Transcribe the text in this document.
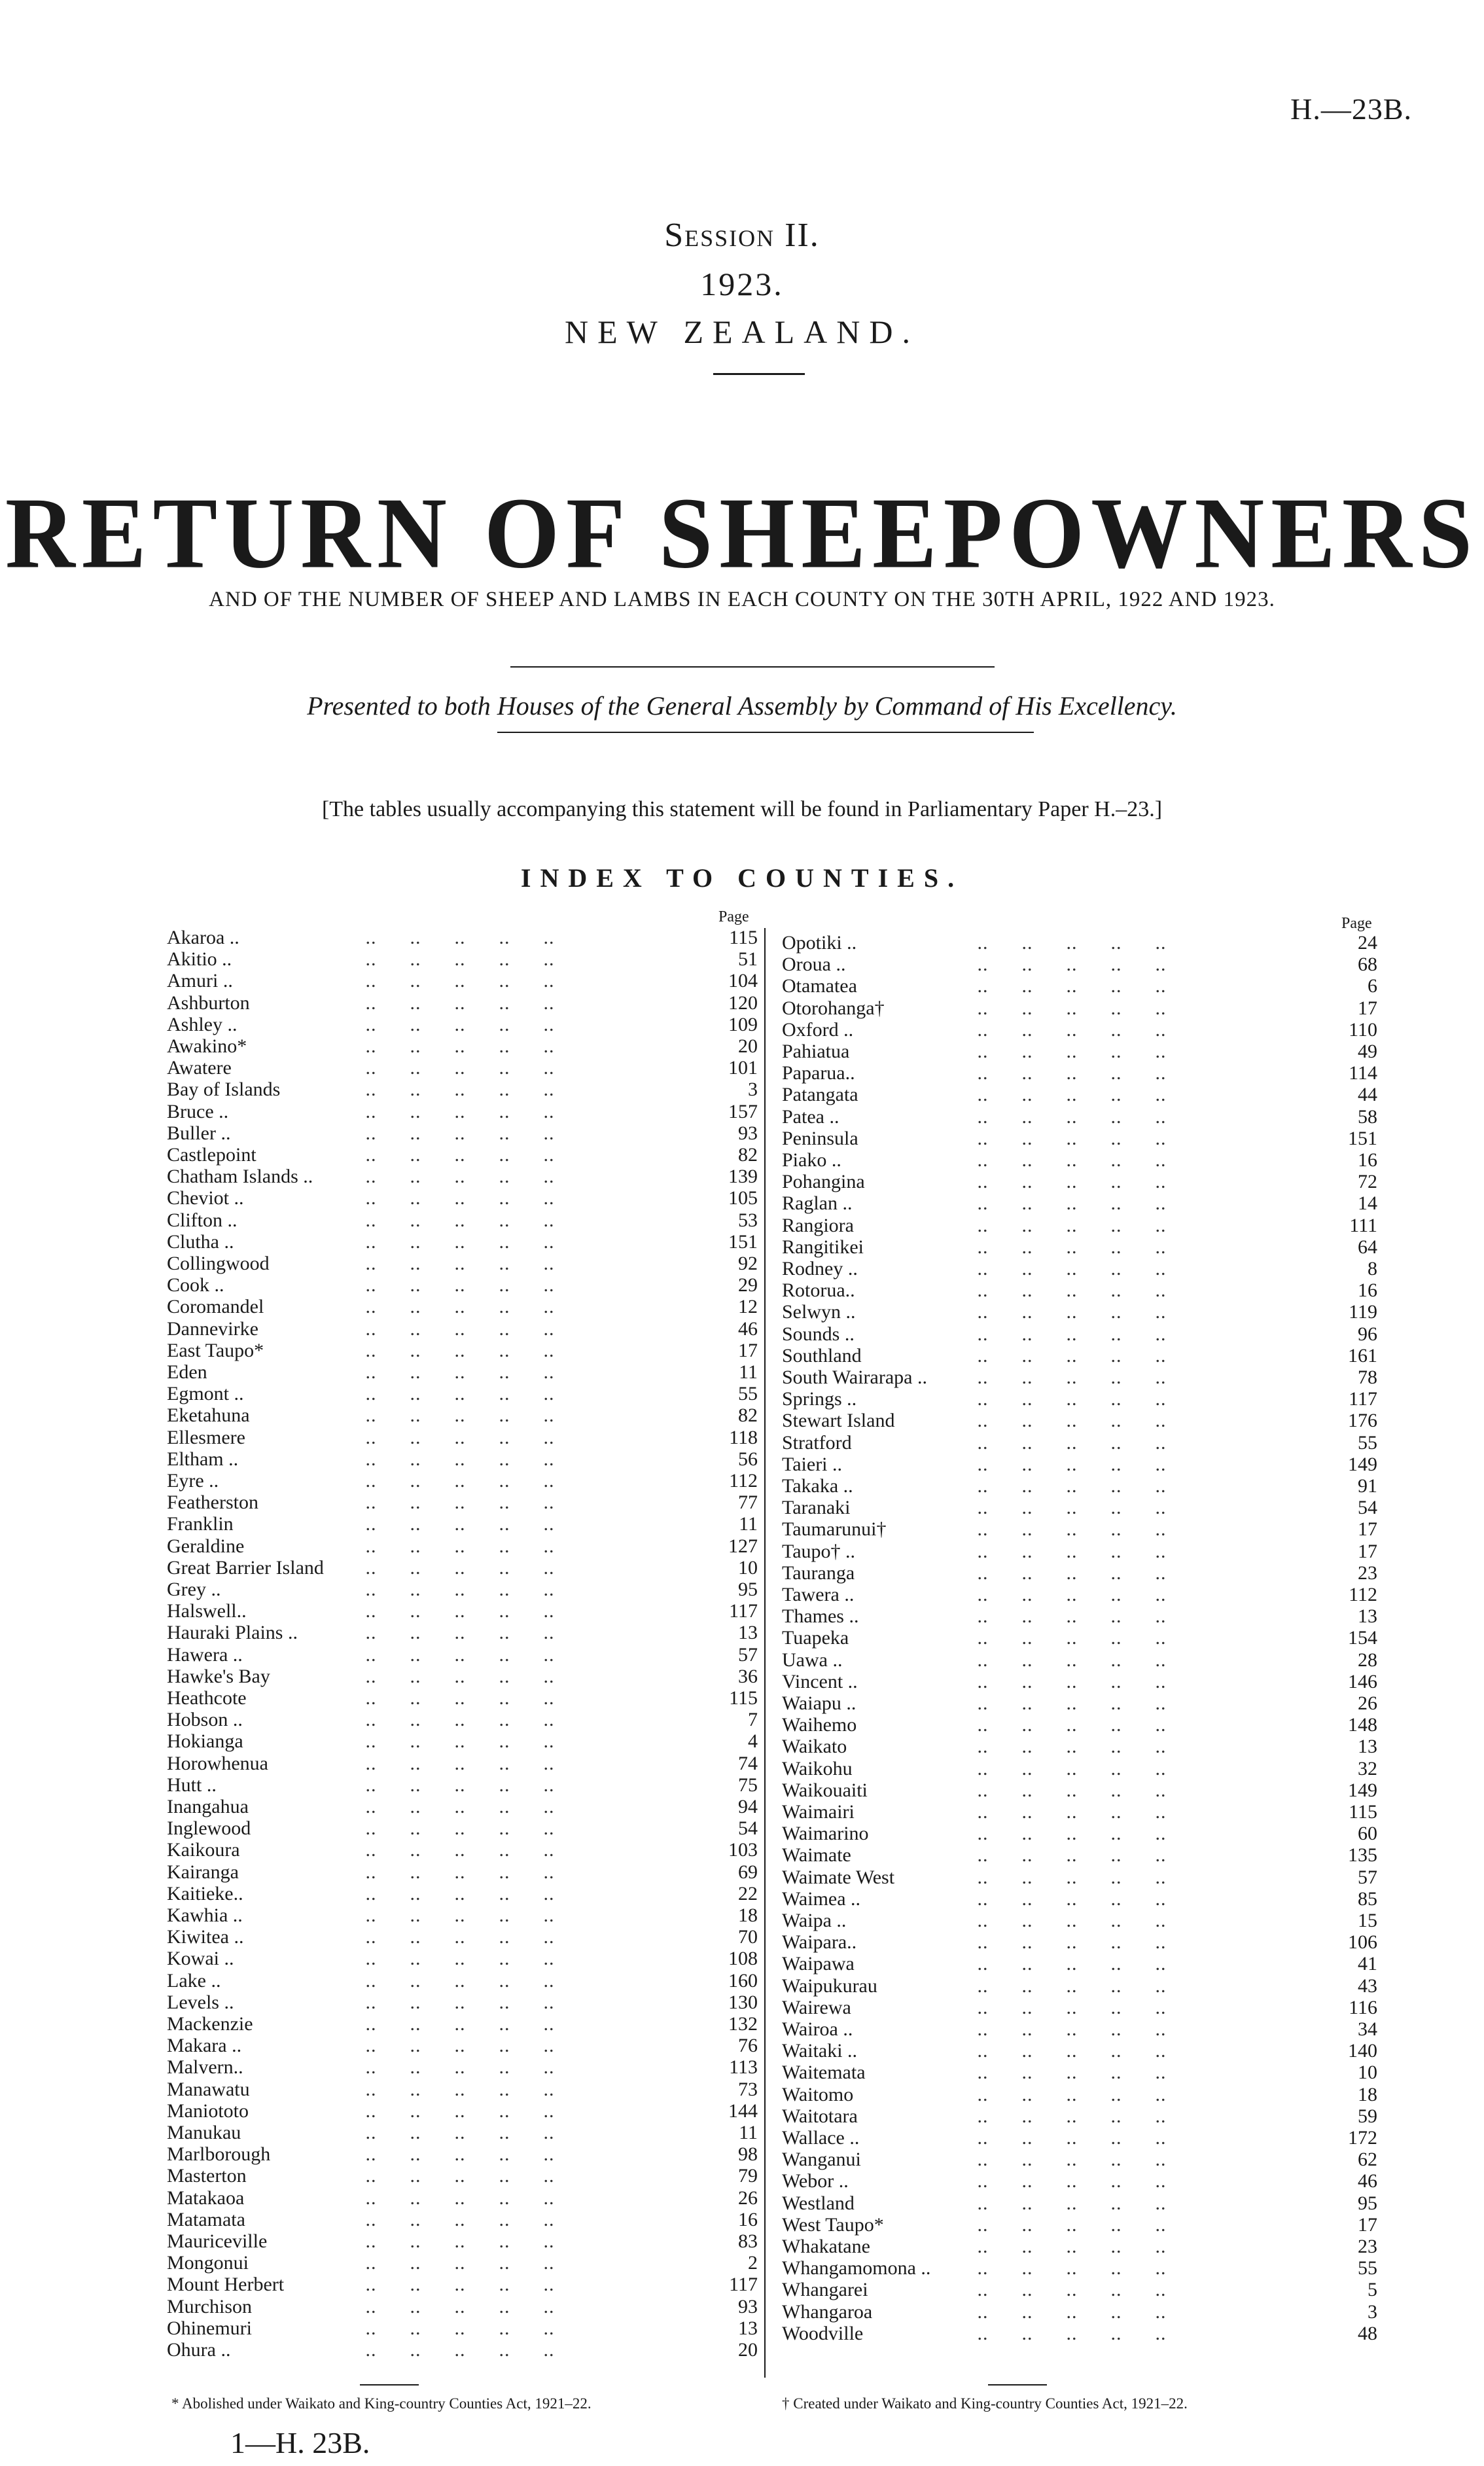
H.—23B.
Session II.
1923.
NEW ZEALAND.
RETURN OF SHEEPOWNERS
AND OF THE NUMBER OF SHEEP AND LAMBS IN EACH COUNTY ON THE 30TH APRIL, 1922 AND 1923.
Presented to both Houses of the General Assembly by Command of His Excellency.
[The tables usually accompanying this statement will be found in Parliamentary Paper H.–23.]
INDEX TO COUNTIES.
Page	Page
Akaroa ..	..      ..      ..      ..      ..	115
Akitio ..	..      ..      ..      ..      ..	51
Amuri ..	..      ..      ..      ..      ..	104
Ashburton	..      ..      ..      ..      ..	120
Ashley ..	..      ..      ..      ..      ..	109
Awakino*	..      ..      ..      ..      ..	20
Awatere	..      ..      ..      ..      ..	101
Bay of Islands	..      ..      ..      ..      ..	3
Bruce ..	..      ..      ..      ..      ..	157
Buller ..	..      ..      ..      ..      ..	93
Castlepoint	..      ..      ..      ..      ..	82
Chatham Islands .. ..      ..      ..      ..      ..	139
Cheviot ..	..      ..      ..      ..      ..	105
Clifton ..	..      ..      ..      ..      ..	53
Clutha ..	..      ..      ..      ..      ..	151
Collingwood	..      ..      ..      ..      ..	92
Cook ..	..      ..      ..      ..      ..	29
Coromandel	..      ..      ..      ..      ..	12
Dannevirke	..      ..      ..      ..      ..	46
East Taupo*	..      ..      ..      ..      ..	17
Eden	..      ..      ..      ..      ..	11
Egmont ..	..      ..      ..      ..      ..	55
Eketahuna	..      ..      ..      ..      ..	82
Ellesmere	..      ..      ..      ..      ..	118
Eltham ..	..      ..      ..      ..      ..	56
Eyre ..	..      ..      ..      ..      ..	112
Featherston	..      ..      ..      ..      ..	77
Franklin	..      ..      ..      ..      ..	11
Geraldine	..      ..      ..      ..      ..	127
Great Barrier Island ..      ..      ..      ..      ..	10
Grey ..	..      ..      ..      ..      ..	95
Halswell..	..      ..      ..      ..      ..	117
Hauraki Plains ..	..      ..      ..      ..      ..	13
Hawera ..	..      ..      ..      ..      ..	57
Hawke's Bay	..      ..      ..      ..      ..	36
Heathcote	..      ..      ..      ..      ..	115
Hobson ..	..      ..      ..      ..      ..	7
Hokianga	..      ..      ..      ..      ..	4
Horowhenua	..      ..      ..      ..      ..	74
Hutt ..	..      ..      ..      ..      ..	75
Inangahua	..      ..      ..      ..      ..	94
Inglewood	..      ..      ..      ..      ..	54
Kaikoura	..      ..      ..      ..      ..	103
Kairanga	..      ..      ..      ..      ..	69
Kaitieke..	..      ..      ..      ..      ..	22
Kawhia ..	..      ..      ..      ..      ..	18
Kiwitea ..	..      ..      ..      ..      ..	70
Kowai ..	..      ..      ..      ..      ..	108
Lake ..	..      ..      ..      ..      ..	160
Levels ..	..      ..      ..      ..      ..	130
Mackenzie	..      ..      ..      ..      ..	132
Makara ..	..      ..      ..      ..      ..	76
Malvern..	..      ..      ..      ..      ..	113
Manawatu	..      ..      ..      ..      ..	73
Maniototo	..      ..      ..      ..      ..	144
Manukau	..      ..      ..      ..      ..	11
Marlborough	..      ..      ..      ..      ..	98
Masterton	..      ..      ..      ..      ..	79
Matakaoa	..      ..      ..      ..      ..	26
Matamata	..      ..      ..      ..      ..	16
Mauriceville	..      ..      ..      ..      ..	83
Mongonui	..      ..      ..      ..      ..	2
Mount Herbert	..      ..      ..      ..      ..	117
Murchison	..      ..      ..      ..      ..	93
Ohinemuri	..      ..      ..      ..      ..	13
Ohura ..	..      ..      ..      ..      ..	20
Opotiki ..	..      ..      ..      ..      ..	24
Oroua ..	..      ..      ..      ..      ..	68
Otamatea	..      ..      ..      ..      ..	6
Otorohanga†	..      ..      ..      ..      ..	17
Oxford ..	..      ..      ..      ..      ..	110
Pahiatua	..      ..      ..      ..      ..	49
Paparua..	..      ..      ..      ..      ..	114
Patangata	..      ..      ..      ..      ..	44
Patea ..	..      ..      ..      ..      ..	58
Peninsula	..      ..      ..      ..      ..	151
Piako ..	..      ..      ..      ..      ..	16
Pohangina	..      ..      ..      ..      ..	72
Raglan ..	..      ..      ..      ..      ..	14
Rangiora	..      ..      ..      ..      ..	111
Rangitikei	..      ..      ..      ..      ..	64
Rodney ..	..      ..      ..      ..      ..	8
Rotorua..	..      ..      ..      ..      ..	16
Selwyn ..	..      ..      ..      ..      ..	119
Sounds ..	..      ..      ..      ..      ..	96
Southland	..      ..      ..      ..      ..	161
South Wairarapa .. ..      ..      ..      ..      ..	78
Springs ..	..      ..      ..      ..      ..	117
Stewart Island	..      ..      ..      ..      ..	176
Stratford	..      ..      ..      ..      ..	55
Taieri ..	..      ..      ..      ..      ..	149
Takaka ..	..      ..      ..      ..      ..	91
Taranaki	..      ..      ..      ..      ..	54
Taumarunui†	..      ..      ..      ..      ..	17
Taupo† ..	..      ..      ..      ..      ..	17
Tauranga	..      ..      ..      ..      ..	23
Tawera ..	..      ..      ..      ..      ..	112
Thames ..	..      ..      ..      ..      ..	13
Tuapeka	..      ..      ..      ..      ..	154
Uawa ..	..      ..      ..      ..      ..	28
Vincent ..	..      ..      ..      ..      ..	146
Waiapu ..	..      ..      ..      ..      ..	26
Waihemo	..      ..      ..      ..      ..	148
Waikato	..      ..      ..      ..      ..	13
Waikohu	..      ..      ..      ..      ..	32
Waikouaiti	..      ..      ..      ..      ..	149
Waimairi	..      ..      ..      ..      ..	115
Waimarino	..      ..      ..      ..      ..	60
Waimate	..      ..      ..      ..      ..	135
Waimate West	..      ..      ..      ..      ..	57
Waimea ..	..      ..      ..      ..      ..	85
Waipa ..	..      ..      ..      ..      ..	15
Waipara..	..      ..      ..      ..      ..	106
Waipawa	..      ..      ..      ..      ..	41
Waipukurau	..      ..      ..      ..      ..	43
Wairewa	..      ..      ..      ..      ..	116
Wairoa ..	..      ..      ..      ..      ..	34
Waitaki ..	..      ..      ..      ..      ..	140
Waitemata	..      ..      ..      ..      ..	10
Waitomo	..      ..      ..      ..      ..	18
Waitotara	..      ..      ..      ..      ..	59
Wallace ..	..      ..      ..      ..      ..	172
Wanganui	..      ..      ..      ..      ..	62
Webor ..	..      ..      ..      ..      ..	46
Westland	..      ..      ..      ..      ..	95
West Taupo*	..      ..      ..      ..      ..	17
Whakatane	..      ..      ..      ..      ..	23
Whangamomona .. ..      ..      ..      ..      ..	55
Whangarei	..      ..      ..      ..      ..	5
Whangaroa	..      ..      ..      ..      ..	3
Woodville	..      ..      ..      ..      ..	48
* Abolished under Waikato and King-country Counties Act, 1921–22.	† Created under Waikato and King-country Counties Act, 1921–22.
1—H. 23B.
